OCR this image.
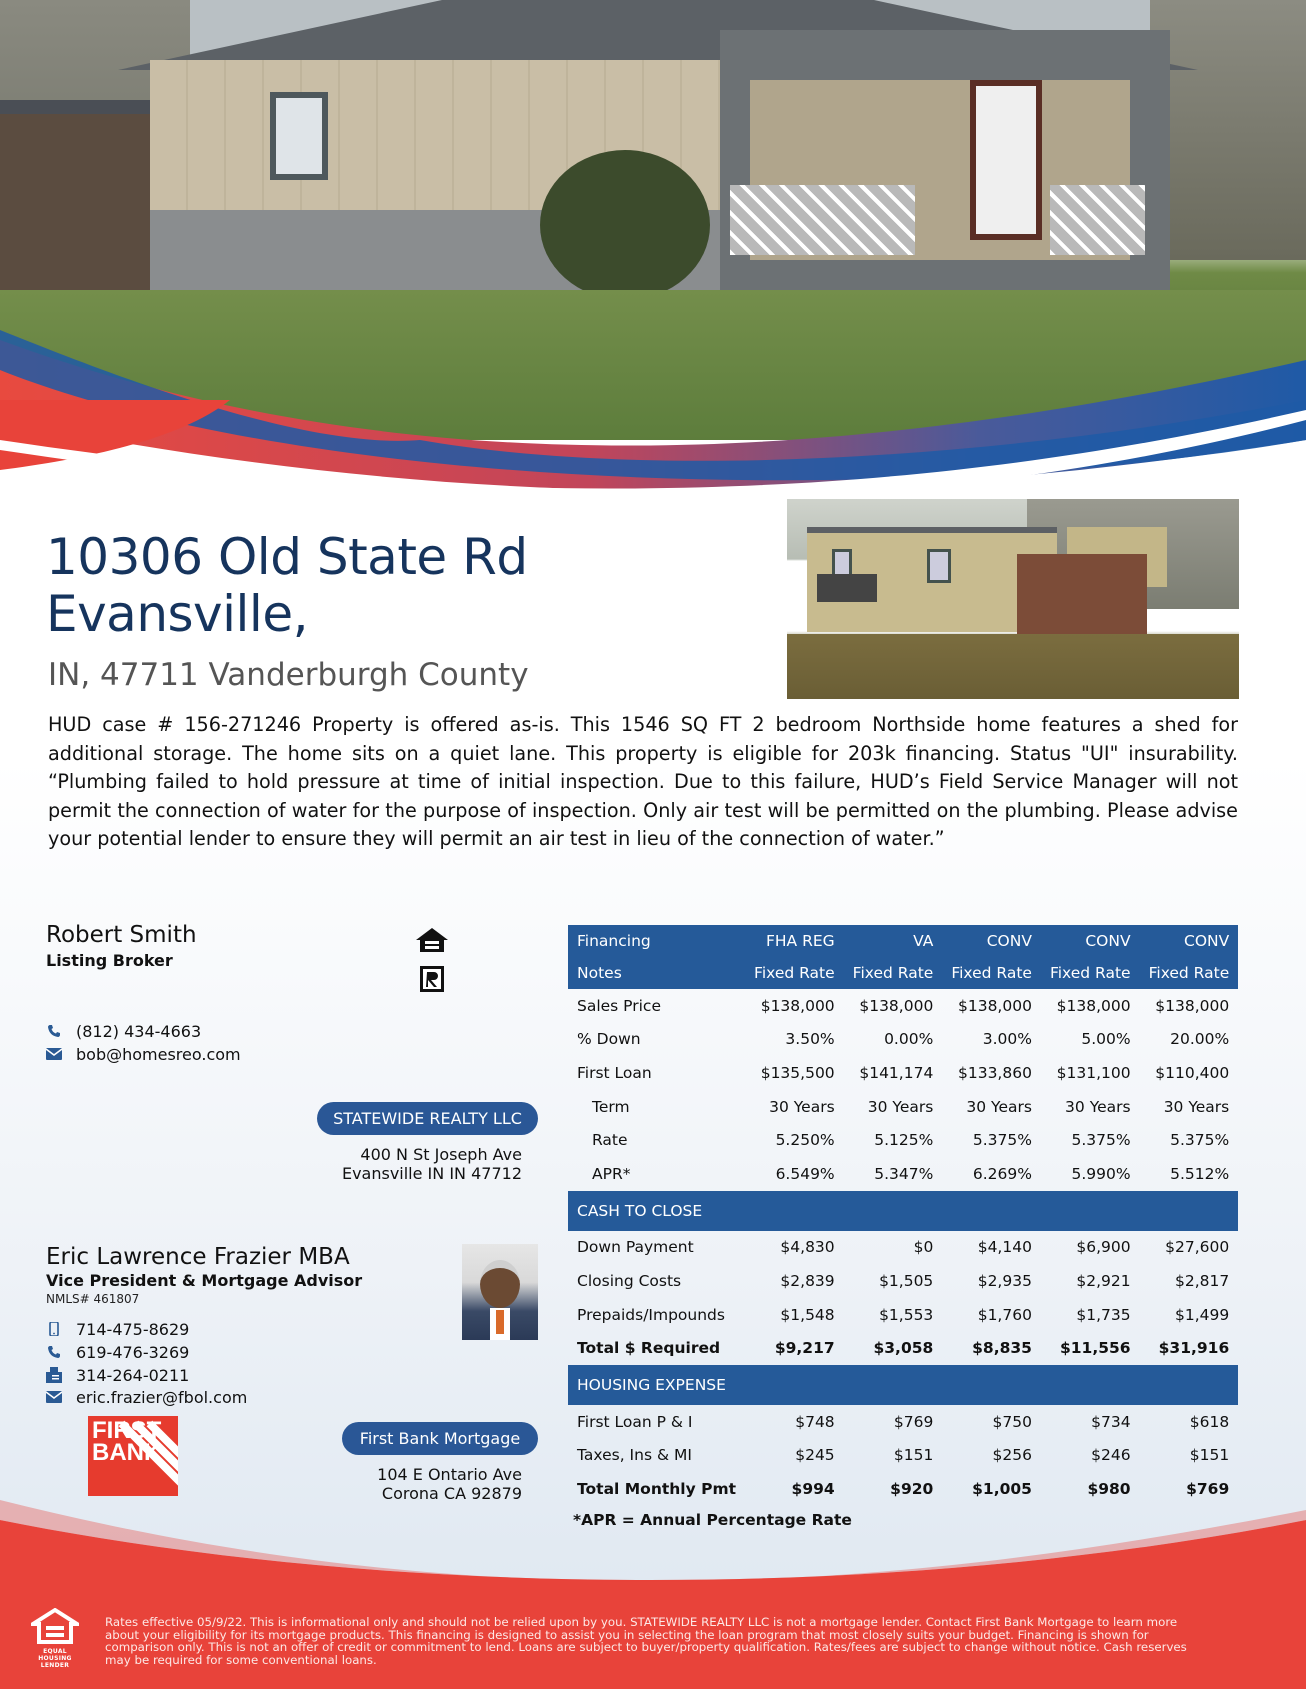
10306 Old State Rd
Evansville,
IN, 47711 Vanderburgh County
HUD case # 156-271246 Property is offered as-is. This 1546 SQ FT 2 bedroom Northside home features a shed for additional storage. The home sits on a quiet lane. This property is eligible for 203k financing. Status "UI" insurability. “Plumbing failed to hold pressure at time of initial inspection. Due to this failure, HUD’s Field Service Manager will not permit the connection of water for the purpose of inspection. Only air test will be permitted on the plumbing. Please advise your potential lender to ensure they will permit an air test in lieu of the connection of water.”
Robert Smith
Listing Broker

(812) 434-4663
bob@homesreo.com
STATEWIDE REALTY LLC
400 N St Joseph Ave
Evansville IN IN 47712
Eric Lawrence Frazier MBA
Vice President & Mortgage Advisor
NMLS# 461807
714-475-8629
619-476-3269
314-264-0211
eric.frazier@fbol.com
FIRST
BANK
First Bank Mortgage
104 E Ontario Ave
Corona CA 92879
Financing	FHA REG	VA	CONV	CONV	CONV
Notes	Fixed Rate	Fixed Rate	Fixed Rate	Fixed Rate	Fixed Rate
Sales Price	$138,000	$138,000	$138,000	$138,000	$138,000
% Down	3.50%	0.00%	3.00%	5.00%	20.00%
First Loan	$135,500	$141,174	$133,860	$131,100	$110,400
Term	30 Years	30 Years	30 Years	30 Years	30 Years
Rate	5.250%	5.125%	5.375%	5.375%	5.375%
APR*	6.549%	5.347%	6.269%	5.990%	5.512%
CASH TO CLOSE					
Down Payment	$4,830	$0	$4,140	$6,900	$27,600
Closing Costs	$2,839	$1,505	$2,935	$2,921	$2,817
Prepaids/Impounds	$1,548	$1,553	$1,760	$1,735	$1,499
Total $ Required	$9,217	$3,058	$8,835	$11,556	$31,916
HOUSING EXPENSE					
First Loan P & I	$748	$769	$750	$734	$618
Taxes, Ins & MI	$245	$151	$256	$246	$151
Total Monthly Pmt	$994	$920	$1,005	$980	$769
*APR = Annual Percentage Rate
EQUAL HOUSING LENDER
Rates effective 05/9/22. This is informational only and should not be relied upon by you. STATEWIDE REALTY LLC is not a mortgage lender. Contact First Bank Mortgage to learn more about your eligibility for its mortgage products. This financing is designed to assist you in selecting the loan program that most closely suits your budget. Financing is shown for comparison only. This is not an offer of credit or commitment to lend. Loans are subject to buyer/property qualification. Rates/fees are subject to change without notice. Cash reserves may be required for some conventional loans.
